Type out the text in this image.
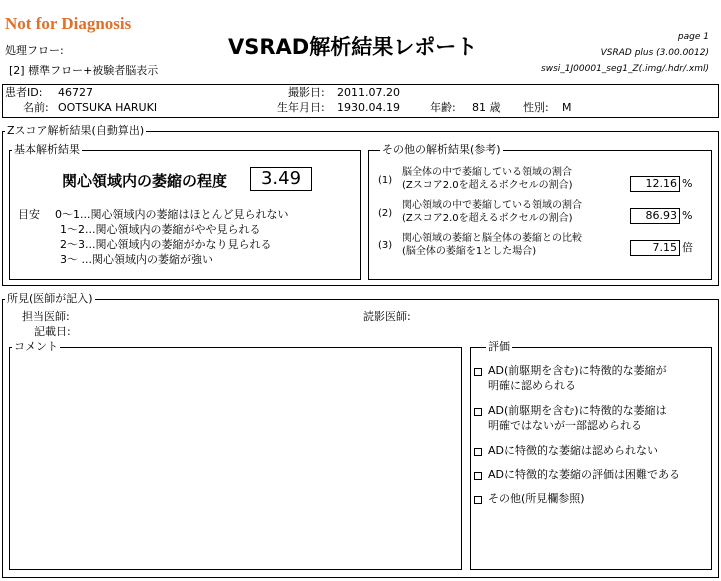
Not for Diagnosis
処理フロー:
[2] 標準フロー+被験者脳表示
VSRAD解析結果レポート	page 1
VSRAD plus (3.00.0012)
swsi_1J00001_seg1_Z(.img/.hdr/.xml)
患者ID: 46727
名前: OOTSUKA HARUKI
撮影日: 2011.07.20
生年月日: 1930.04.19	年齢: 81 歳 性別: M
Zスコア解析結果(自動算出)
基本解析結果
関心領域内の萎縮の程度	3.49
目安 0〜1...関心領域内の萎縮はほとんど見られない
1〜2...関心領域内の萎縮がやや見られる
2〜3...関心領域内の萎縮がかなり見られる
3〜 ...関心領域内の萎縮が強い
その他の解析結果(参考)
(1)
脳全体の中で萎縮している領域の割合
(Zスコア2.0を超えるボクセルの割合)	12.16 %
(2)
関心領域の中で萎縮している領域の割合
(Zスコア2.0を超えるボクセルの割合)	86.93 %
(3)
関心領域の萎縮と脳全体の萎縮との比較
(脳全体の萎縮を1とした場合)	7.15 倍
所見(医師が記入)
担当医師:	読影医師:
記載日:
コメント	評価
AD(前駆期を含む)に特徴的な萎縮が
明確に認められる
AD(前駆期を含む)に特徴的な萎縮は
明確ではないが一部認められる
ADに特徴的な萎縮は認められない
ADに特徴的な萎縮の評価は困難である
その他(所見欄参照)
